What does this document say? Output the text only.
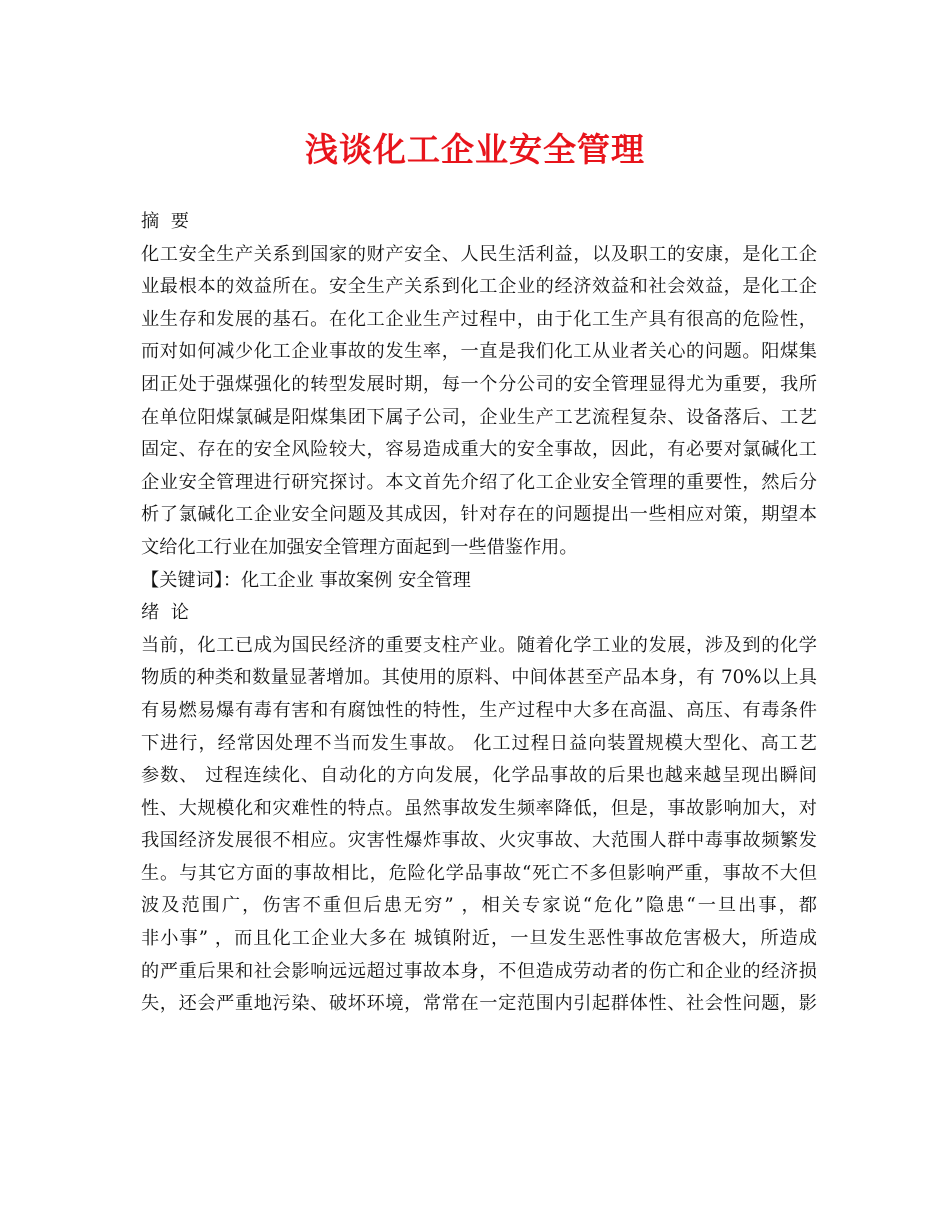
浅谈化工企业安全管理
摘  要
化工安全生产关系到国家的财产安全、人民生活利益，以及职工的安康，是化工企
业最根本的效益所在。安全生产关系到化工企业的经济效益和社会效益，是化工企
业生存和发展的基石。在化工企业生产过程中，由于化工生产具有很高的危险性，
而对如何减少化工企业事故的发生率，一直是我们化工从业者关心的问题。阳煤集
团正处于强煤强化的转型发展时期，每一个分公司的安全管理显得尤为重要，我所
在单位阳煤氯碱是阳煤集团下属子公司，企业生产工艺流程复杂、设备落后、工艺
固定、存在的安全风险较大，容易造成重大的安全事故，因此，有必要对氯碱化工
企业安全管理进行研究探讨。本文首先介绍了化工企业安全管理的重要性，然后分
析了氯碱化工企业安全问题及其成因，针对存在的问题提出一些相应对策，期望本
文给化工行业在加强安全管理方面起到一些借鉴作用。
【关键词】：化工企业 事故案例 安全管理
绪  论
当前，化工已成为国民经济的重要支柱产业。随着化学工业的发展，涉及到的化学
物质的种类和数量显著增加。其使用的原料、中间体甚至产品本身，有 70%以上具
有易燃易爆有毒有害和有腐蚀性的特性，生产过程中大多在高温、高压、有毒条件
下进行，经常因处理不当而发生事故。 化工过程日益向装置规模大型化、高工艺
参数、 过程连续化、自动化的方向发展，化学品事故的后果也越来越呈现出瞬间
性、大规模化和灾难性的特点。虽然事故发生频率降低，但是，事故影响加大，对
我国经济发展很不相应。灾害性爆炸事故、火灾事故、大范围人群中毒事故频繁发
生。与其它方面的事故相比，危险化学品事故“死亡不多但影响严重，事故不大但
波及范围广，伤害不重但后患无穷” ，相关专家说“危化”隐患“一旦出事，都
非小事” ，而且化工企业大多在 城镇附近，一旦发生恶性事故危害极大，所造成
的严重后果和社会影响远远超过事故本身，不但造成劳动者的伤亡和企业的经济损
失，还会严重地污染、破坏环境，常常在一定范围内引起群体性、社会性问题，影
